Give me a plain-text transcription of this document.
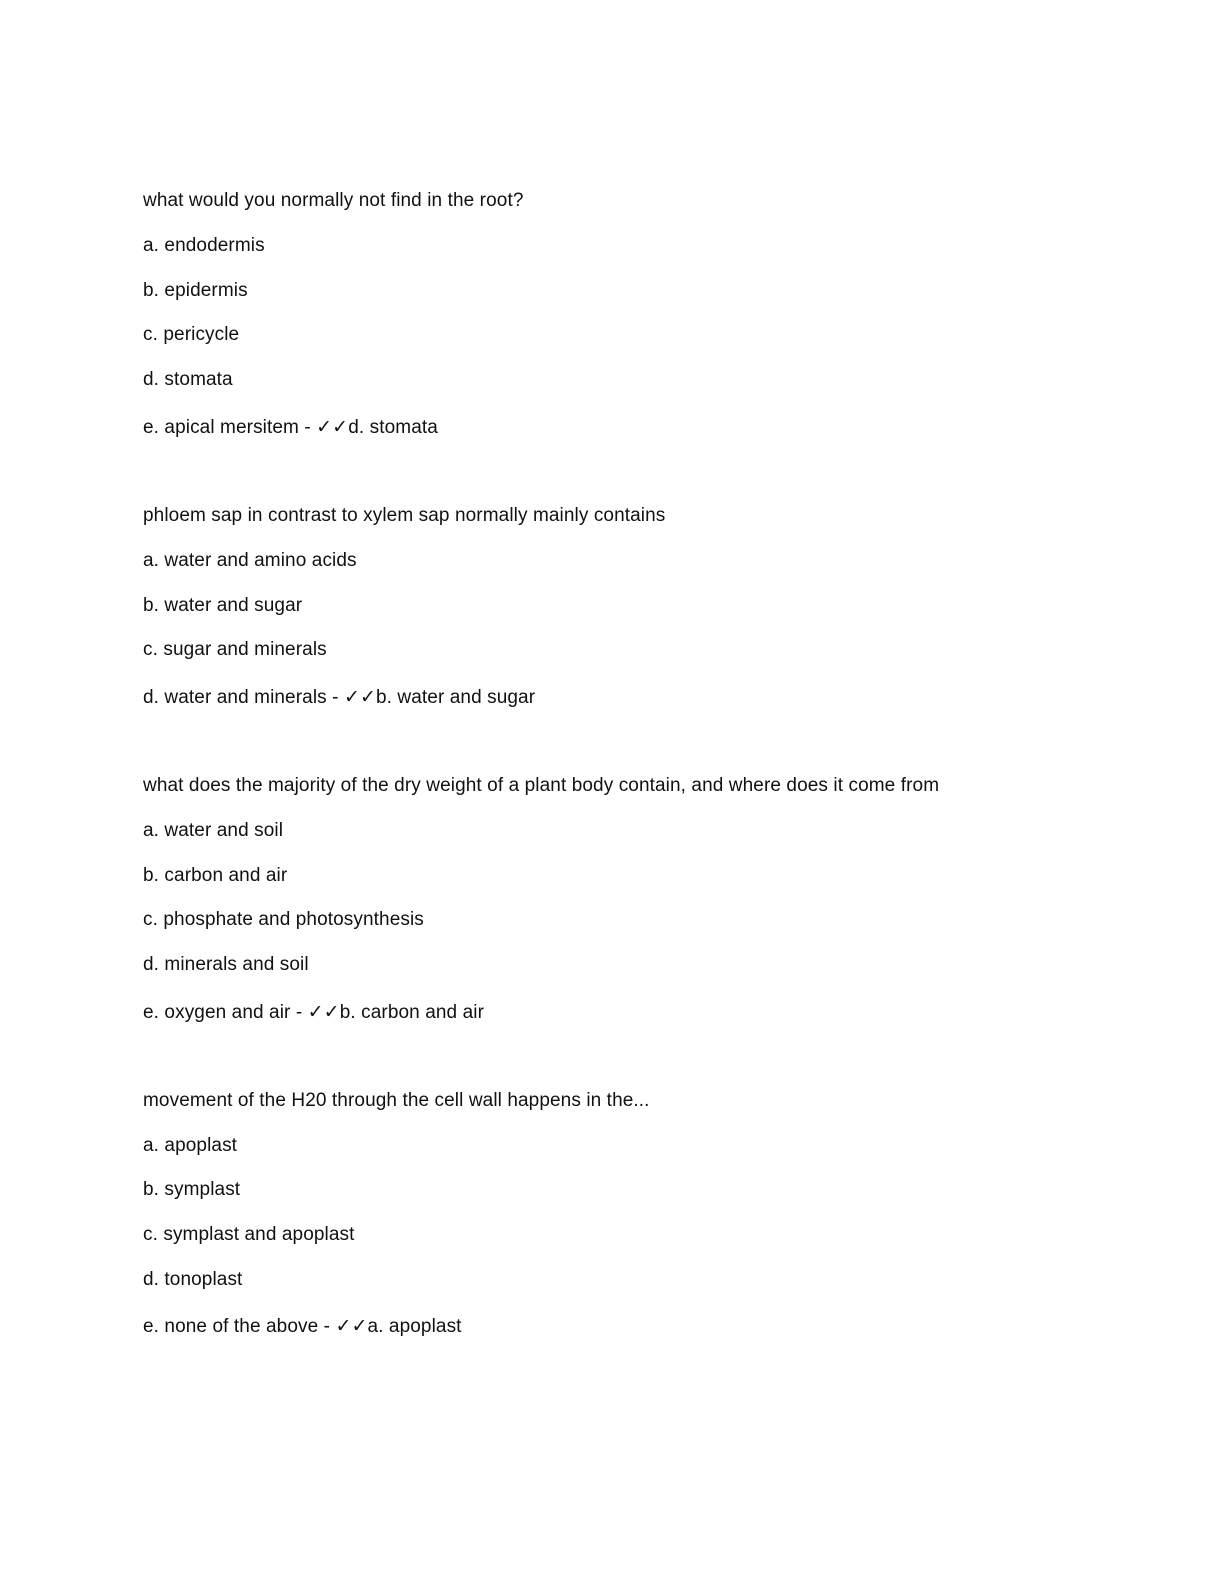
what would you normally not find in the root?
a. endodermis
b. epidermis
c. pericycle
d. stomata
e. apical mersitem - ✓✓d. stomata
phloem sap in contrast to xylem sap normally mainly contains
a. water and amino acids
b. water and sugar
c. sugar and minerals
d. water and minerals - ✓✓b. water and sugar
what does the majority of the dry weight of a plant body contain, and where does it come from
a. water and soil
b. carbon and air
c. phosphate and photosynthesis
d. minerals and soil
e. oxygen and air - ✓✓b. carbon and air
movement of the H20 through the cell wall happens in the...
a. apoplast
b. symplast
c. symplast and apoplast
d. tonoplast
e. none of the above - ✓✓a. apoplast
